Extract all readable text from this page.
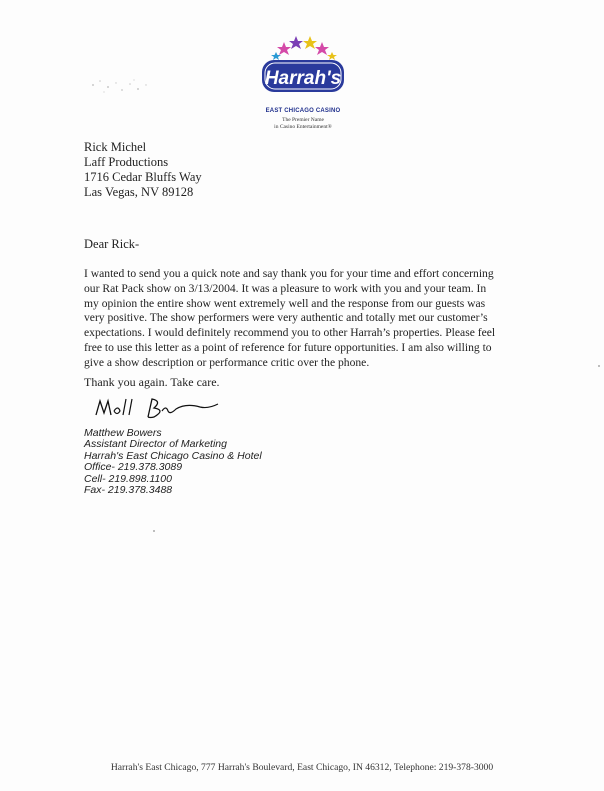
Harrah's
EAST CHICAGO CASINO
The Premier Name
in Casino Entertainment®
Rick Michel
Laff Productions
1716 Cedar Bluffs Way
Las Vegas, NV 89128
Dear Rick-
I wanted to send you a quick note and say thank you for your time and effort concerning
our Rat Pack show on 3/13/2004. It was a pleasure to work with you and your team. In
my opinion the entire show went extremely well and the response from our guests was
very positive. The show performers were very authentic and totally met our customer’s
expectations. I would definitely recommend you to other Harrah’s properties. Please feel
free to use this letter as a point of reference for future opportunities. I am also willing to
give a show description or performance critic over the phone.
Thank you again. Take care.
Matthew Bowers
Assistant Director of Marketing
Harrah's East Chicago Casino & Hotel
Office- 219.378.3089
Cell- 219.898.1100
Fax- 219.378.3488
Harrah's East Chicago, 777 Harrah's Boulevard, East Chicago, IN 46312, Telephone: 219-378-3000
